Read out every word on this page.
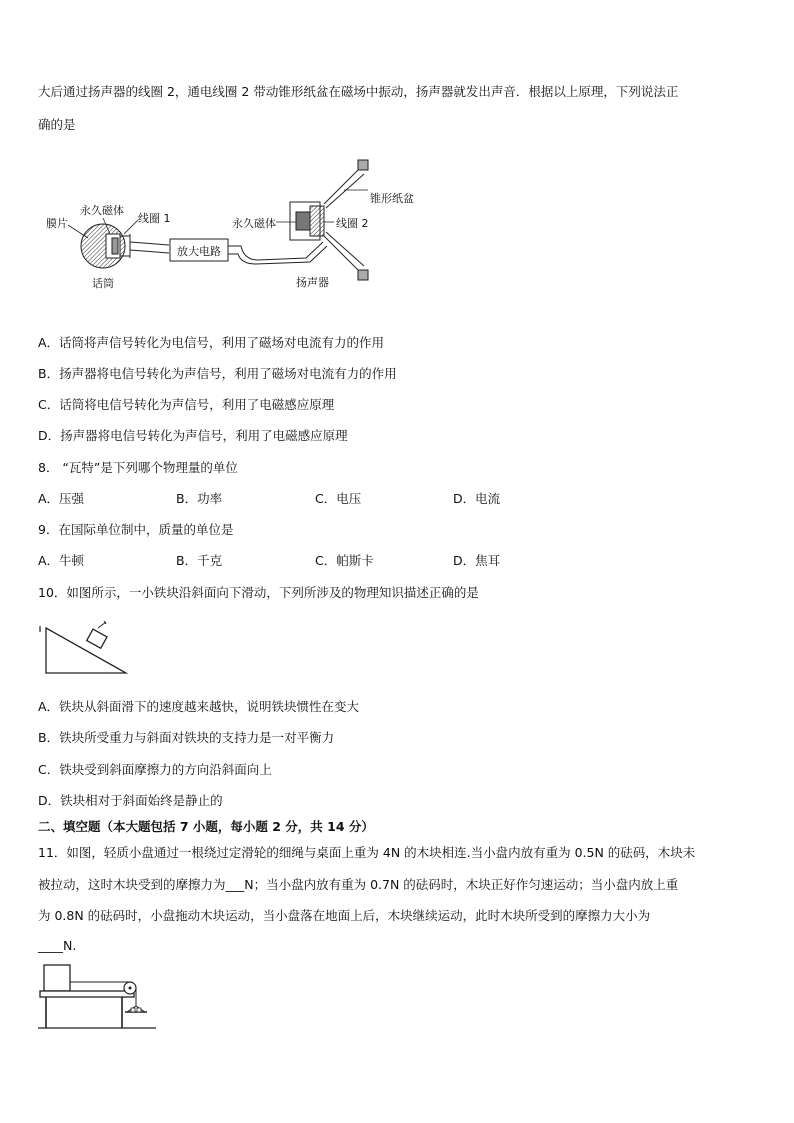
大后通过扬声器的线圈 2，通电线圈 2 带动锥形纸盆在磁场中振动，扬声器就发出声音．根据以上原理，下列说法正
确的是
膜片
永久磁体
线圈 1
放大电路
话筒
永久磁体
锥形纸盆
线圈 2
扬声器
A．话筒将声信号转化为电信号，利用了磁场对电流有力的作用
B．扬声器将电信号转化为声信号，利用了磁场对电流有力的作用
C．话筒将电信号转化为声信号，利用了电磁感应原理
D．扬声器将电信号转化为声信号，利用了电磁感应原理
8． “瓦特”是下列哪个物理量的单位
A．压强	B．功率	C．电压	D．电流
9．在国际单位制中，质量的单位是
A．牛顿	B．千克	C．帕斯卡	D．焦耳
10．如图所示，一小铁块沿斜面向下滑动，下列所涉及的物理知识描述正确的是
A．铁块从斜面滑下的速度越来越快，说明铁块惯性在变大
B．铁块所受重力与斜面对铁块的支持力是一对平衡力
C．铁块受到斜面摩擦力的方向沿斜面向上
D．铁块相对于斜面始终是静止的
二、填空题（本大题包括 7 小题，每小题 2 分，共 14 分）
11．如图，轻质小盘通过一根绕过定滑轮的细绳与桌面上重为 4N 的木块相连.当小盘内放有重为 0.5N 的砝码，木块未
被拉动，这时木块受到的摩擦力为___N；当小盘内放有重为 0.7N 的砝码时，木块正好作匀速运动；当小盘内放上重
为 0.8N 的砝码时，小盘拖动木块运动，当小盘落在地面上后，木块继续运动，此时木块所受到的摩擦力大小为
____N.
